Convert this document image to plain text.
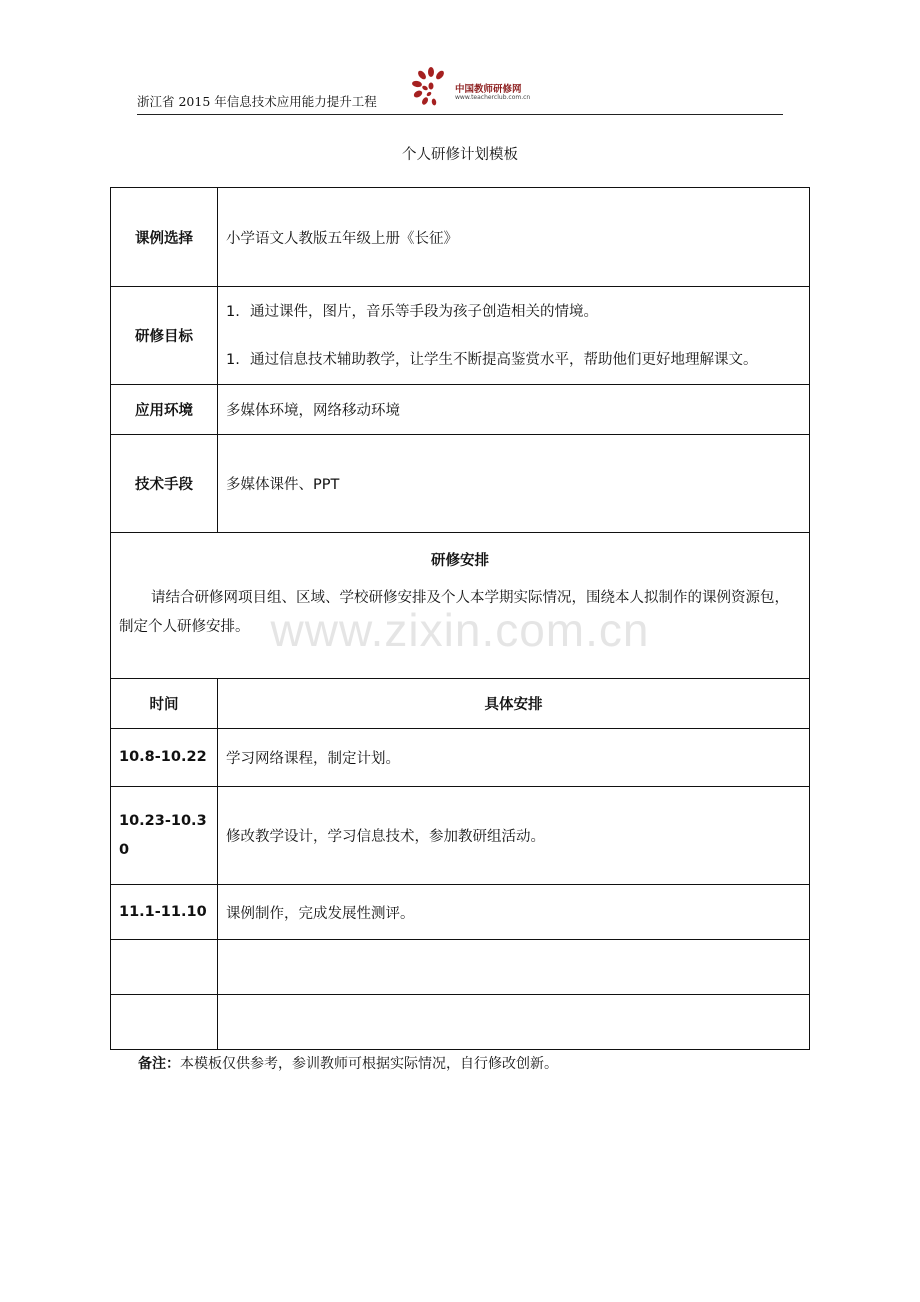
浙江省 2015 年信息技术应用能力提升工程
中国教师研修网
www.teacherclub.com.cn
个人研修计划模板
www.zixin.com.cn
课例选择	小学语文人教版五年级上册《长征》
研修目标	1. 通过课件，图片，音乐等手段为孩子创造相关的情境。
1. 通过信息技术辅助教学，让学生不断提高鉴赏水平，帮助他们更好地理解课文。

应用环境	多媒体环境，网络移动环境
技术手段	多媒体课件、PPT

研修安排
请结合研修网项目组、区域、学校研修安排及个人本学期实际情况，围绕本人拟制作的课例资源包，制定个人研修安排。	

时间	具体安排
10.8-10.22	学习网络课程，制定计划。
10.23-10.30	修改教学设计，学习信息技术，参加教研组活动。
11.1-11.10	课例制作，完成发展性测评。

备注：本模板仅供参考，参训教师可根据实际情况，自行修改创新。
